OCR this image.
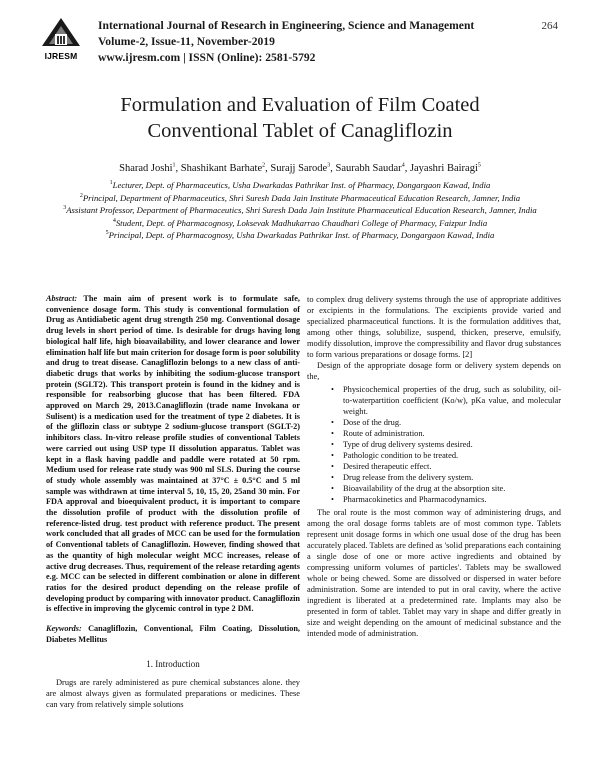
IJRESM
International Journal of Research in Engineering, Science and Management
Volume-2, Issue-11, November-2019
www.ijresm.com | ISSN (Online): 2581-5792
264
Formulation and Evaluation of Film Coated
Conventional Tablet of Canagliflozin
Sharad Joshi$^1$, Shashikant Barhate$^2$, Surajj Sarode$^3$, Saurabh Saudar$^4$, Jayashri Bairagi$^5$
$^1$Lecturer, Dept. of Pharmaceutics, Usha Dwarkadas Pathrikar Inst. of Pharmacy, Dongargaon Kawad, India
$^2$Principal, Department of Pharmaceutics, Shri Suresh Dada Jain Institute Pharmaceutical Education Research, Jamner, India
$^3$Assistant Professor, Department of Pharmaceutics, Shri Suresh Dada Jain Institute Pharmaceutical Education Research, Jamner, India
$^4$Student, Dept. of Pharmacognosy, Loksevak Madhukarrao Chaudhari College of Pharmacy, Faizpur India
$^5$Principal, Dept. of Pharmacognosy, Usha Dwarkadas Pathrikar Inst. of Pharmacy, Dongargaon Kawad, India
Abstract: The main aim of present work is to formulate safe, convenience dosage form. This study is conventional formulation of Drug as Antidiabetic agent drug strength 250 mg. Conventional dosage drug levels in short period of time. Is desirable for drugs having long biological half life, high bioavailability, and lower clearance and lower elimination half life but main criterion for dosage form is poor solubility and drug to treat disease. Canagliflozin belongs to a new class of anti-diabetic drugs that works by inhibiting the sodium-glucose transport protein (SGLT2). This transport protein is found in the kidney and is responsible for reabsorbing glucose that has been filtered. FDA approved on March 29, 2013.Canagliflozin (trade name Invokana or Sulisent) is a medication used for the treatment of type 2 diabetes. It is of the gliflozin class or subtype 2 sodium-glucose transport (SGLT-2) inhibitors class. In-vitro release profile studies of conventional Tablets were carried out using USP type II dissolution apparatus. Tablet was kept in a flask having paddle and paddle were rotated at 50 rpm. Medium used for release rate study was 900 ml SLS. During the course of study whole assembly was maintained at 37°C ± 0.5°C and 5 ml sample was withdrawn at time interval 5, 10, 15, 20, 25and 30 min. For FDA approval and bioequivalent product, it is important to compare the dissolution profile of product with the dissolution profile of reference-listed drug. test product with reference product. The present work concluded that all grades of MCC can be used for the formulation of Conventional tablets of Canagliflozin. However, finding showed that as the quantity of high molecular weight MCC increases, release of active drug decreases. Thus, requirement of the release retarding agents e.g. MCC can be selected in different combination or alone in different ratios for the desired product depending on the release profile of developing product by comparing with innovator product. Canagliflozin is effective in improving the glycemic control in type 2 DM.
Keywords: Canagliflozin, Conventional, Film Coating, Dissolution, Diabetes Mellitus
1. Introduction

Drugs are rarely administered as pure chemical substances alone. they are almost always given as formulated preparations or medicines. These can vary from relatively simple solutions

to complex drug delivery systems through the use of appropriate additives or excipients in the formulations. The excipients provide varied and specialized pharmaceutical functions. It is the formulation additives that, among other things, solubilize, suspend, thicken, preserve, emulsify, modify dissolution, improve the compressibility and flavor drug substances to form various preparations or dosage forms. [2]

Design of the appropriate dosage form or delivery system depends on the,

• Physicochemical properties of the drug, such as solubility, oil-to-waterpartition coefficient (Ko/w), pKa value, and molecular weight.
• Dose of the drug.
• Route of administration.
• Type of drug delivery systems desired.
• Pathologic condition to be treated.
• Desired therapeutic effect.
• Drug release from the delivery system.
• Bioavailability of the drug at the absorption site.
• Pharmacokinetics and Pharmacodynamics.

The oral route is the most common way of administering drugs, and among the oral dosage forms tablets are of most common type. Tablets represent unit dosage forms in which one usual dose of the drug has been accurately placed. Tablets are defined as 'solid preparations each containing a single dose of one or more active ingredients and obtained by compressing uniform volumes of particles'. Tablets may be swallowed whole or being chewed. Some are dissolved or dispersed in water before administration. Some are intended to put in oral cavity, where the active ingredient is liberated at a predetermined rate. Implants may also be presented in form of tablet. Tablet may vary in shape and differ greatly in size and weight depending on the amount of medicinal substance and the intended mode of administration.
